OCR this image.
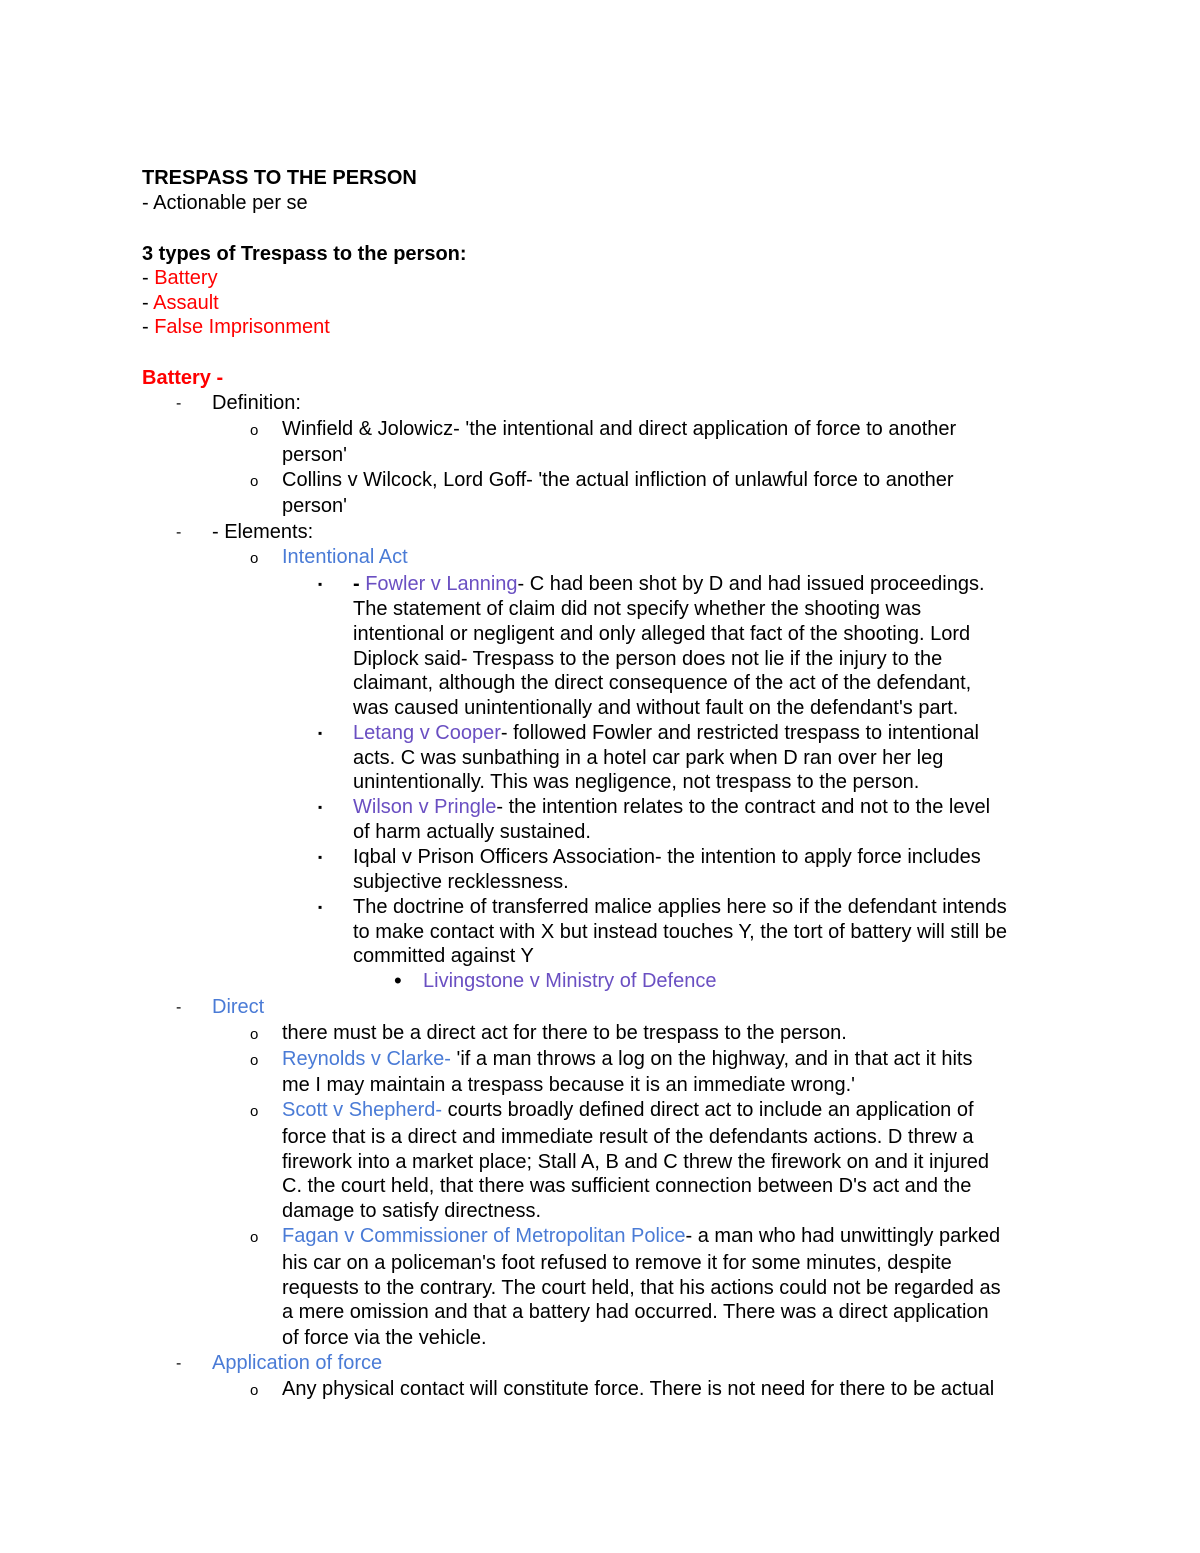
TRESPASS TO THE PERSON
- Actionable per se
3 types of Trespass to the person:
- Battery
- Assault
- False Imprisonment
Battery -
- Definition:
o Winfield & Jolowicz- 'the intentional and direct application of force to another
person'
o Collins v Wilcock, Lord Goff- 'the actual infliction of unlawful force to another
person'
- - Elements:
o Intentional Act
▪ - Fowler v Lanning- C had been shot by D and had issued proceedings.
The statement of claim did not specify whether the shooting was
intentional or negligent and only alleged that fact of the shooting. Lord
Diplock said- Trespass to the person does not lie if the injury to the
claimant, although the direct consequence of the act of the defendant,
was caused unintentionally and without fault on the defendant's part.
▪ Letang v Cooper- followed Fowler and restricted trespass to intentional
acts. C was sunbathing in a hotel car park when D ran over her leg
unintentionally. This was negligence, not trespass to the person.
▪ Wilson v Pringle- the intention relates to the contract and not to the level
of harm actually sustained.
▪ Iqbal v Prison Officers Association- the intention to apply force includes
subjective recklessness.
▪ The doctrine of transferred malice applies here so if the defendant intends
to make contact with X but instead touches Y, the tort of battery will still be
committed against Y
• Livingstone v Ministry of Defence
- Direct
o there must be a direct act for there to be trespass to the person.
o Reynolds v Clarke- 'if a man throws a log on the highway, and in that act it hits
me I may maintain a trespass because it is an immediate wrong.'
o Scott v Shepherd- courts broadly defined direct act to include an application of
force that is a direct and immediate result of the defendants actions. D threw a
firework into a market place; Stall A, B and C threw the firework on and it injured
C. the court held, that there was sufficient connection between D's act and the
damage to satisfy directness.
o Fagan v Commissioner of Metropolitan Police- a man who had unwittingly parked
his car on a policeman's foot refused to remove it for some minutes, despite
requests to the contrary. The court held, that his actions could not be regarded as
a mere omission and that a battery had occurred. There was a direct application
of force via the vehicle.
- Application of force
o Any physical contact will constitute force. There is not need for there to be actual
